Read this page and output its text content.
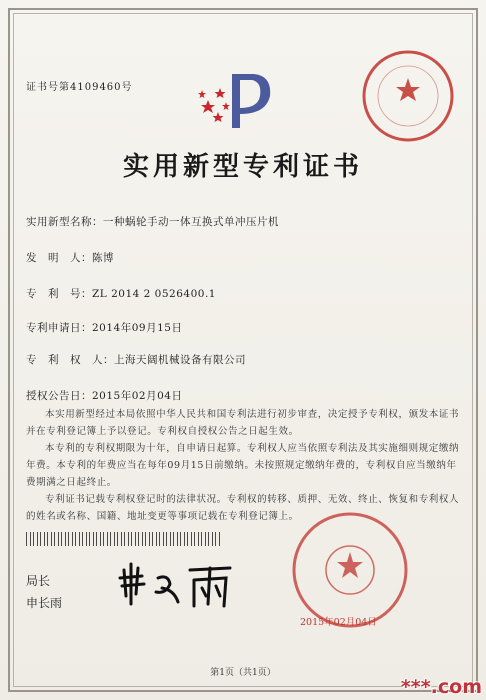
证书号第4109460号
实用新型专利证书
实用新型名称：一种蜗轮手动一体互换式单冲压片机
发　明　人：陈博
专　利　号：ZL 2014 2 0526400.1
专利申请日：2014年09月15日
专　利　权　人：上海天阔机械设备有限公司
授权公告日：2015年02月04日

本实用新型经过本局依照中华人民共和国专利法进行初步审查，决定授予专利权，颁发本证书并在专利登记簿上予以登记。专利权自授权公告之日起生效。

本专利的专利权期限为十年，自申请日起算。专利权人应当依照专利法及其实施细则规定缴纳年费。本专利的年费应当在每年09月15日前缴纳。未按照规定缴纳年费的，专利权自应当缴纳年费期满之日起终止。

专利证书记载专利权登记时的法律状况。专利权的转移、质押、无效、终止、恢复和专利权人的姓名或名称、国籍、地址变更等事项记载在专利登记簿上。

局长
申长雨
2015年02月04日
第1页（共1页）
***.com
